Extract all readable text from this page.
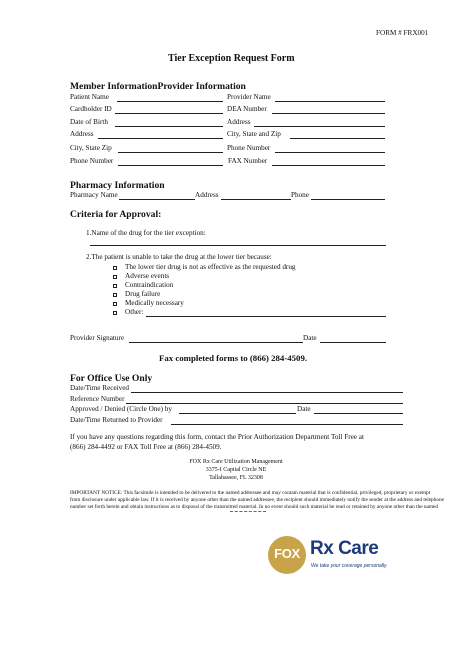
FORM # FRX001
Tier Exception Request Form
Member InformationProvider Information
Patient Name	Provider Name
Cardholder ID	DEA Number
Date of Birth	Address
Address	City, State and Zip
City, State Zip	Phone Number
Phone Number	FAX Number
Pharmacy Information
Pharmacy Name	Address	Phone
Criteria for Approval:
1.Name of the drug for the tier exception:
2.The patient is unable to take the drug at the lower tier because:
The lower tier drug is not as effective as the requested drug
Adverse events
Contraindication
Drug failure
Medically necessary
Other:
Provider Signature	Date
Fax completed forms to (866) 284-4509.
For Office Use Only
Date/Time Received
Reference Number
Approved / Denied (Circle One) by	Date
Date/Time Returned to Provider
If you have any questions regarding this form, contact the Prior Authorization Department Toll Free at
(866) 284-4492 or FAX Toll Free at (866) 284-4509.
FOX Rx Care Utilization Management
3375-I Capital Circle NE
Tallahassee, FL 32308
IMPORTANT NOTICE: This facsimile is intended to be delivered to the named addressee and may contain material that is confidential, privileged, proprietary or exempt
from disclosure under applicable law. If it is received by anyone other than the named addressee, the recipient should immediately notify the sender at the address and telephone
number set forth herein and obtain instructions as to disposal of the transmitted material. In no event should such material be read or retained by anyone other than the named
FOX Rx Care
We take your coverage personally.
